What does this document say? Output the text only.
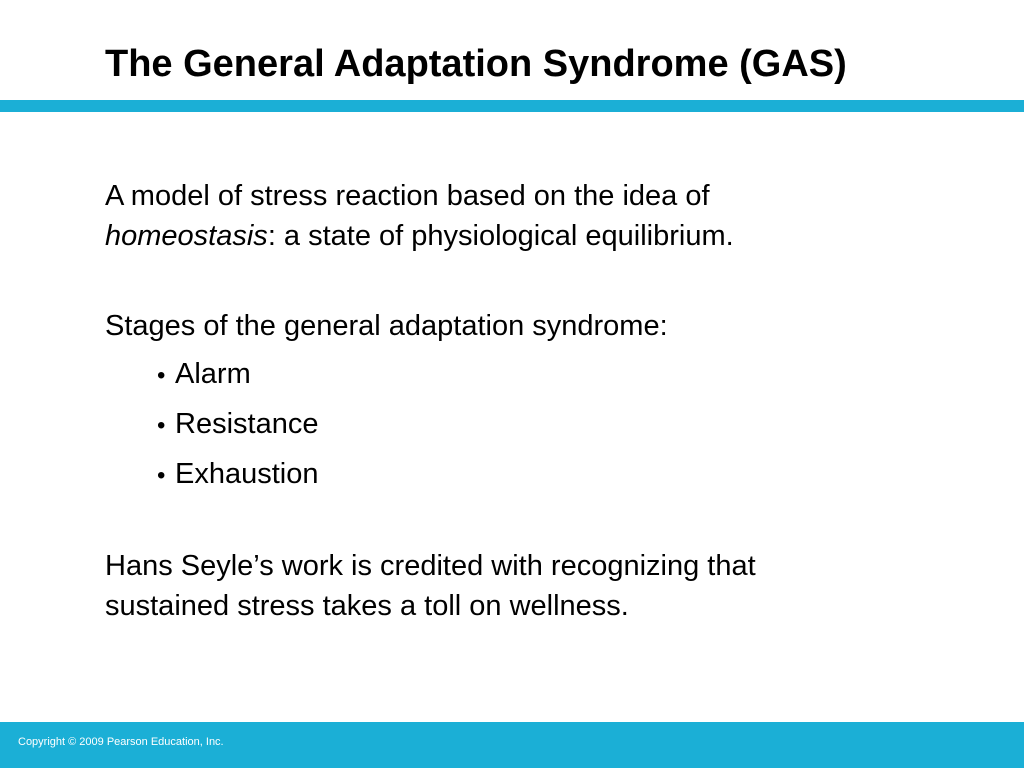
The General Adaptation Syndrome (GAS)

A model of stress reaction based on the idea of
homeostasis: a state of physiological equilibrium.

Stages of the general adaptation syndrome:

• Alarm
• Resistance
• Exhaustion

Hans Seyle’s work is credited with recognizing that
sustained stress takes a toll on wellness.

Copyright © 2009 Pearson Education, Inc.
